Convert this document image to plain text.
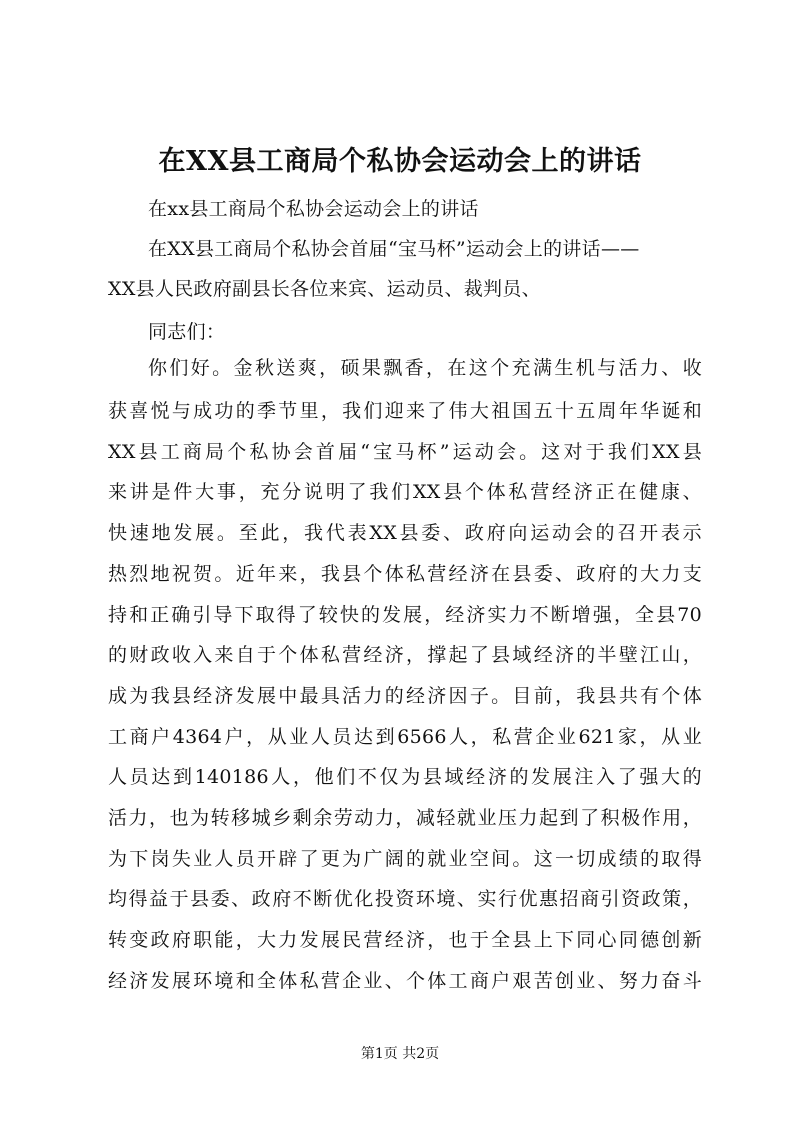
在XX县工商局个私协会运动会上的讲话
在xx县工商局个私协会运动会上的讲话
在XX县工商局个私协会首届“宝马杯”运动会上的讲话——
XX县人民政府副县长各位来宾、运动员、裁判员、
同志们：
你们好。金秋送爽，硕果飘香，在这个充满生机与活力、收
获喜悦与成功的季节里，我们迎来了伟大祖国五十五周年华诞和
XX县工商局个私协会首届“宝马杯”运动会。这对于我们XX县
来讲是件大事，充分说明了我们XX县个体私营经济正在健康、
快速地发展。至此，我代表XX县委、政府向运动会的召开表示
热烈地祝贺。近年来，我县个体私营经济在县委、政府的大力支
持和正确引导下取得了较快的发展，经济实力不断增强，全县70
的财政收入来自于个体私营经济，撑起了县域经济的半壁江山，
成为我县经济发展中最具活力的经济因子。目前，我县共有个体
工商户4364户，从业人员达到6566人，私营企业621家，从业
人员达到140186人，他们不仅为县域经济的发展注入了强大的
活力，也为转移城乡剩余劳动力，减轻就业压力起到了积极作用，
为下岗失业人员开辟了更为广阔的就业空间。这一切成绩的取得
均得益于县委、政府不断优化投资环境、实行优惠招商引资政策，
转变政府职能，大力发展民营经济，也于全县上下同心同德创新
经济发展环境和全体私营企业、个体工商户艰苦创业、努力奋斗
第1页 共2页
